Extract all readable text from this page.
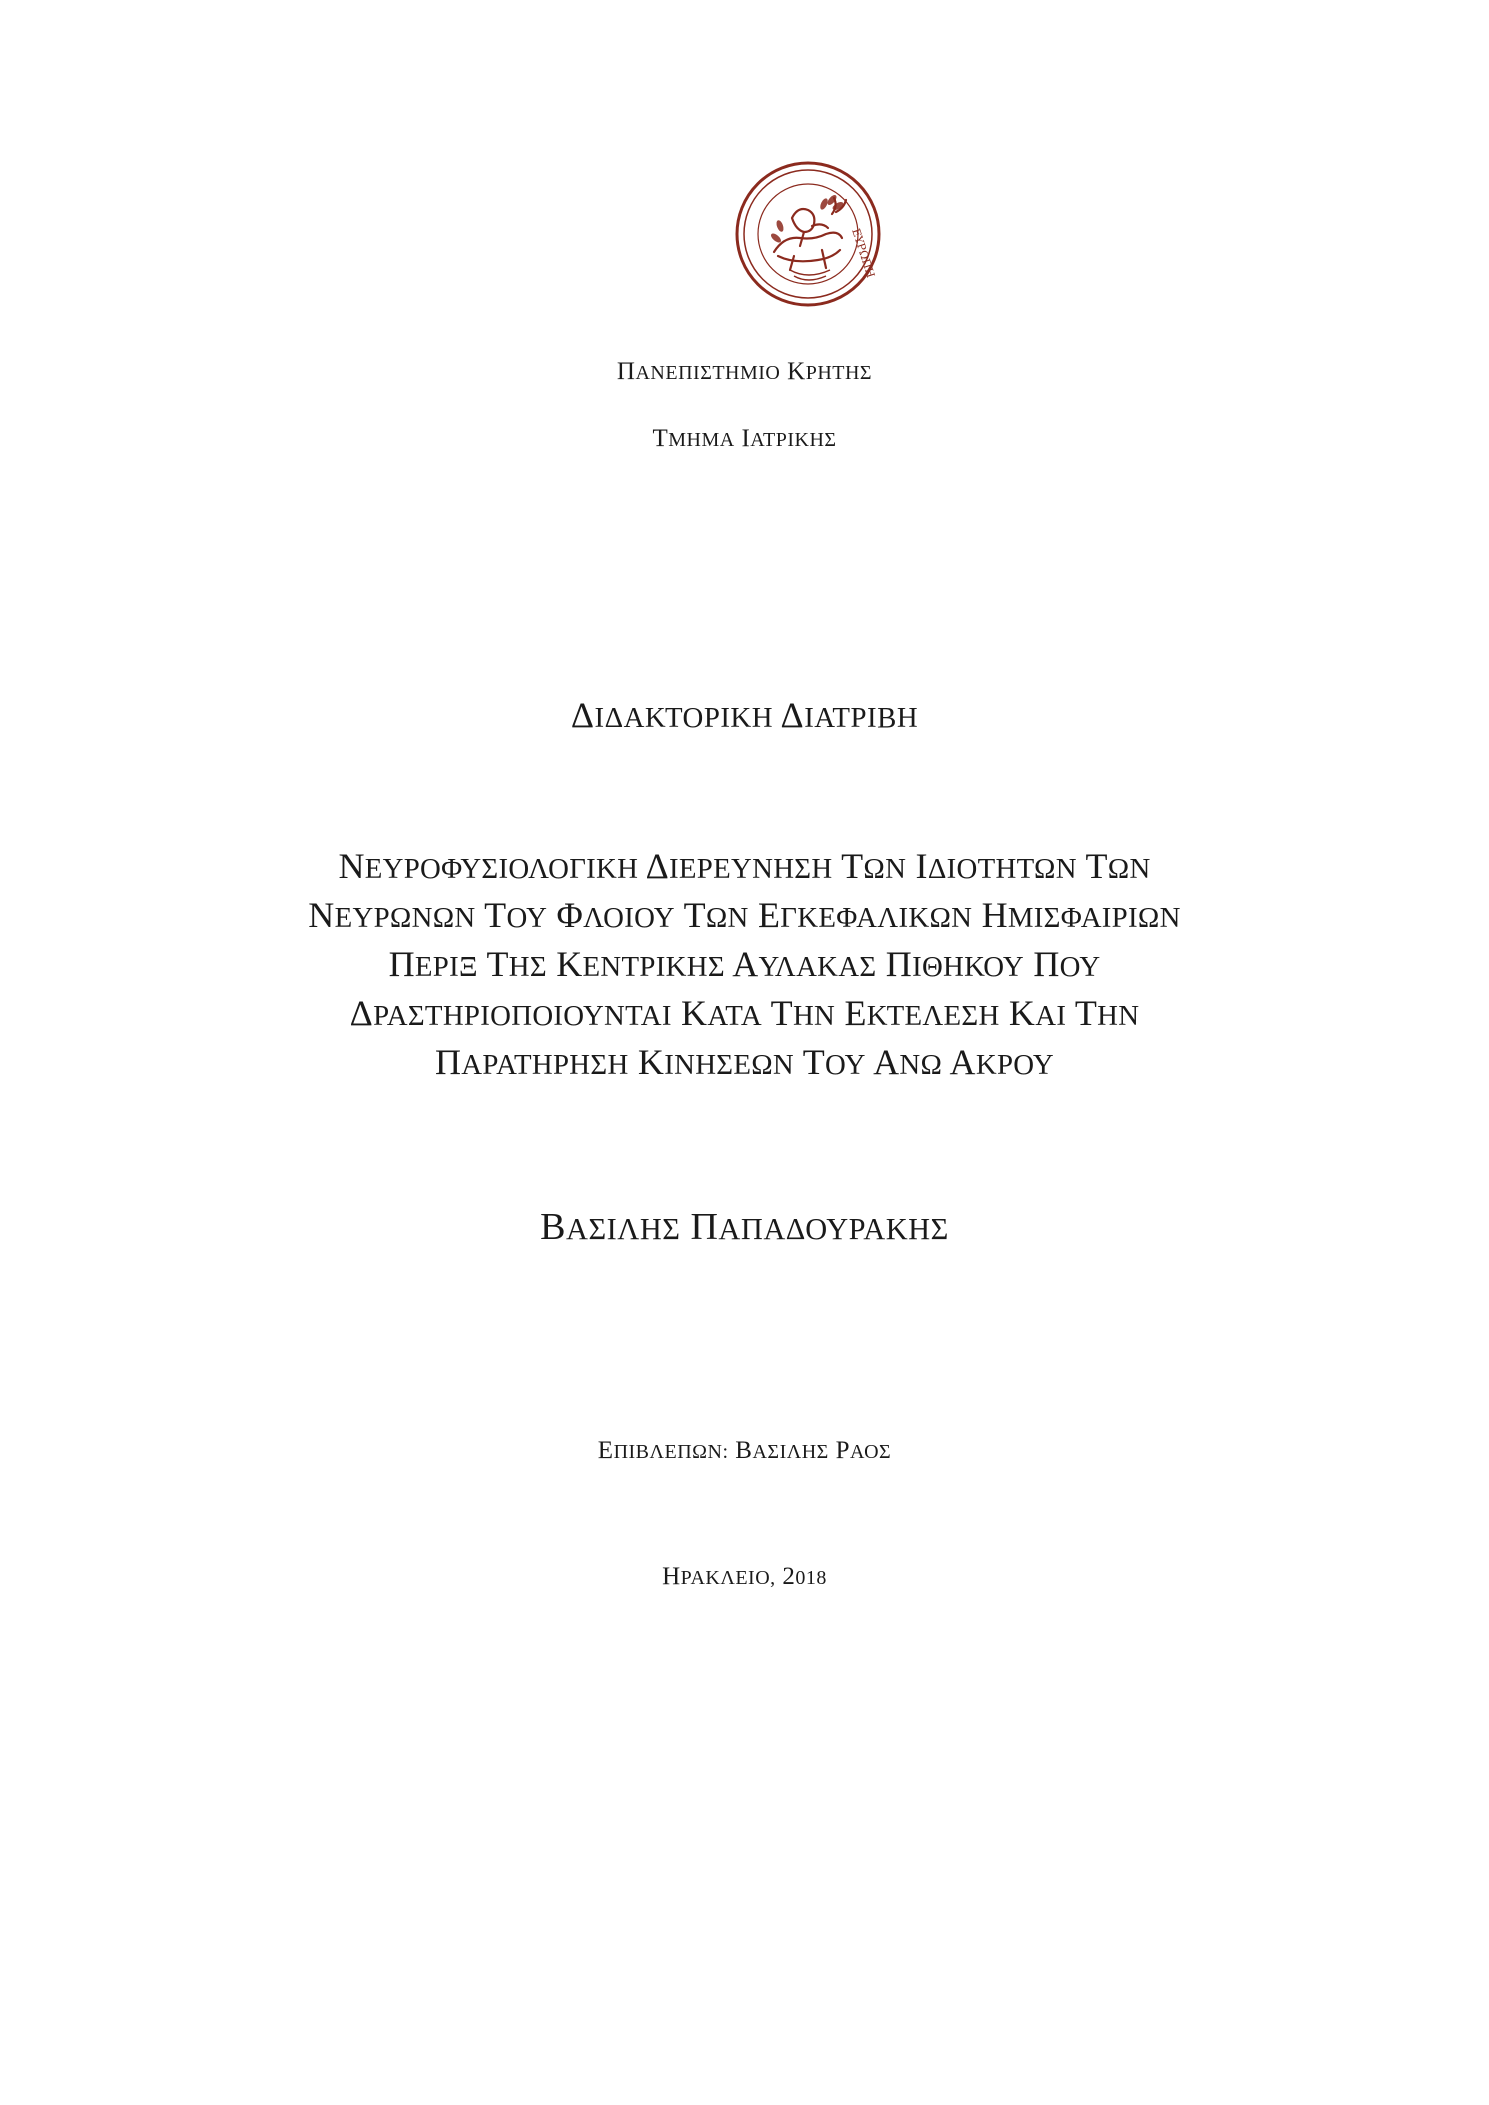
ΕΥΡΩΠΗ
ΠΑΝΕΠΙΣΤΗΜΙΟ ΚΡΗΤΗΣ
ΤΜΗΜΑ ΙΑΤΡΙΚΗΣ
ΔΙΔΑΚΤΟΡΙΚΗ ΔΙΑΤΡΙΒΗ
ΝΕΥΡΟΦΥΣΙΟΛΟΓΙΚΗ ΔΙΕΡΕΥΝΗΣΗ ΤΩΝ ΙΔΙΟΤΗΤΩΝ ΤΩΝ
ΝΕΥΡΩΝΩΝ ΤΟΥ ΦΛΟΙΟΥ ΤΩΝ ΕΓΚΕΦΑΛΙΚΩΝ ΗΜΙΣΦΑΙΡΙΩΝ
ΠΕΡΙΞ ΤΗΣ ΚΕΝΤΡΙΚΗΣ ΑΥΛΑΚΑΣ ΠΙΘΗΚΟΥ ΠΟΥ
ΔΡΑΣΤΗΡΙΟΠΟΙΟΥΝΤΑΙ ΚΑΤΑ ΤΗΝ ΕΚΤΕΛΕΣΗ ΚΑΙ ΤΗΝ
ΠΑΡΑΤΗΡΗΣΗ ΚΙΝΗΣΕΩΝ ΤΟΥ ΑΝΩ ΑΚΡΟΥ
ΒΑΣΙΛΗΣ ΠΑΠΑΔΟΥΡΑΚΗΣ
ΕΠΙΒΛΕΠΩΝ: ΒΑΣΙΛΗΣ ΡΑΟΣ
ΗΡΑΚΛΕΙΟ, 2018
